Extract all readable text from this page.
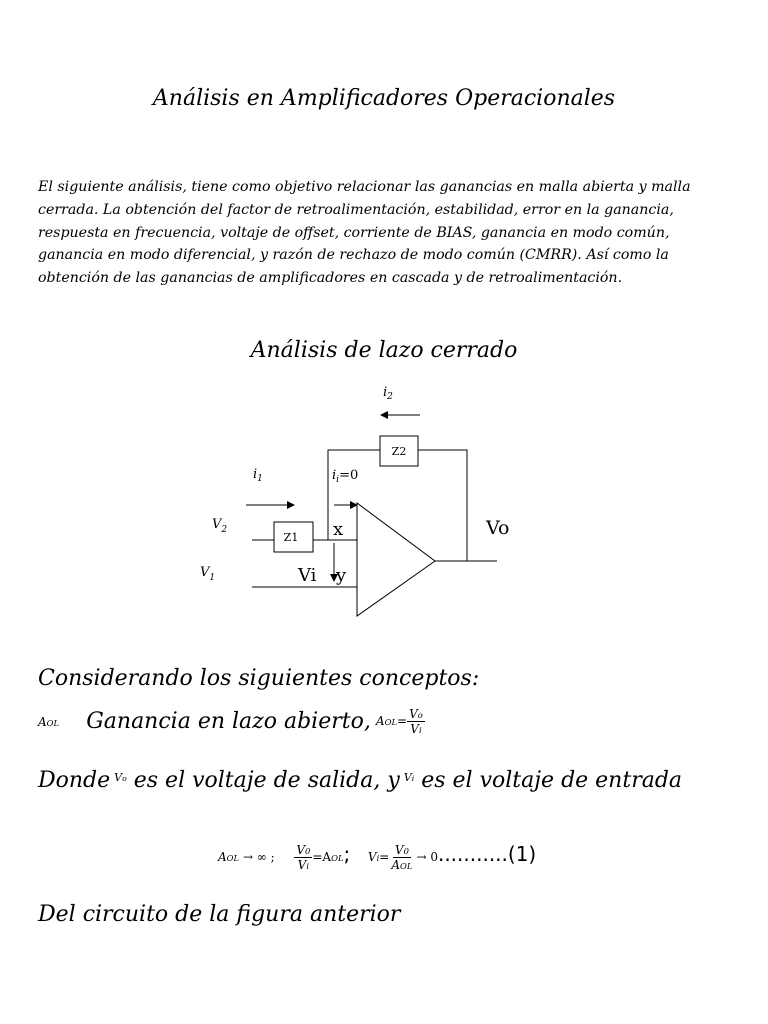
Análisis en Amplificadores Operacionales
El siguiente análisis, tiene como objetivo relacionar las ganancias en malla abierta y malla
cerrada. La obtención del factor de retroalimentación, estabilidad, error en la ganancia,
respuesta en frecuencia, voltaje de offset, corriente de BIAS, ganancia en modo común,
ganancia en modo diferencial, y razón de rechazo de modo común (CMRR). Así como la
obtención de las ganancias de amplificadores en cascada y de retroalimentación.
Análisis de lazo cerrado
$i_2$
Z2
$i_1$	$i_i=0$
$V_2$
Z1 x
Vi y
$V_1$
Vo
Considerando los siguientes conceptos:
AOL Ganancia en lazo abierto, $AOL= \frac{Vo}{Vi}$
Donde $^{Vo}$ es el voltaje de salida, y $^{Vi}$ es el voltaje de entrada
AOL → ∞ ; $\frac{V0}{Vi} =AOL$; $Vi= \frac{V0}{\text{AOL}} \to 0...........(1)$
Del circuito de la figura anterior
